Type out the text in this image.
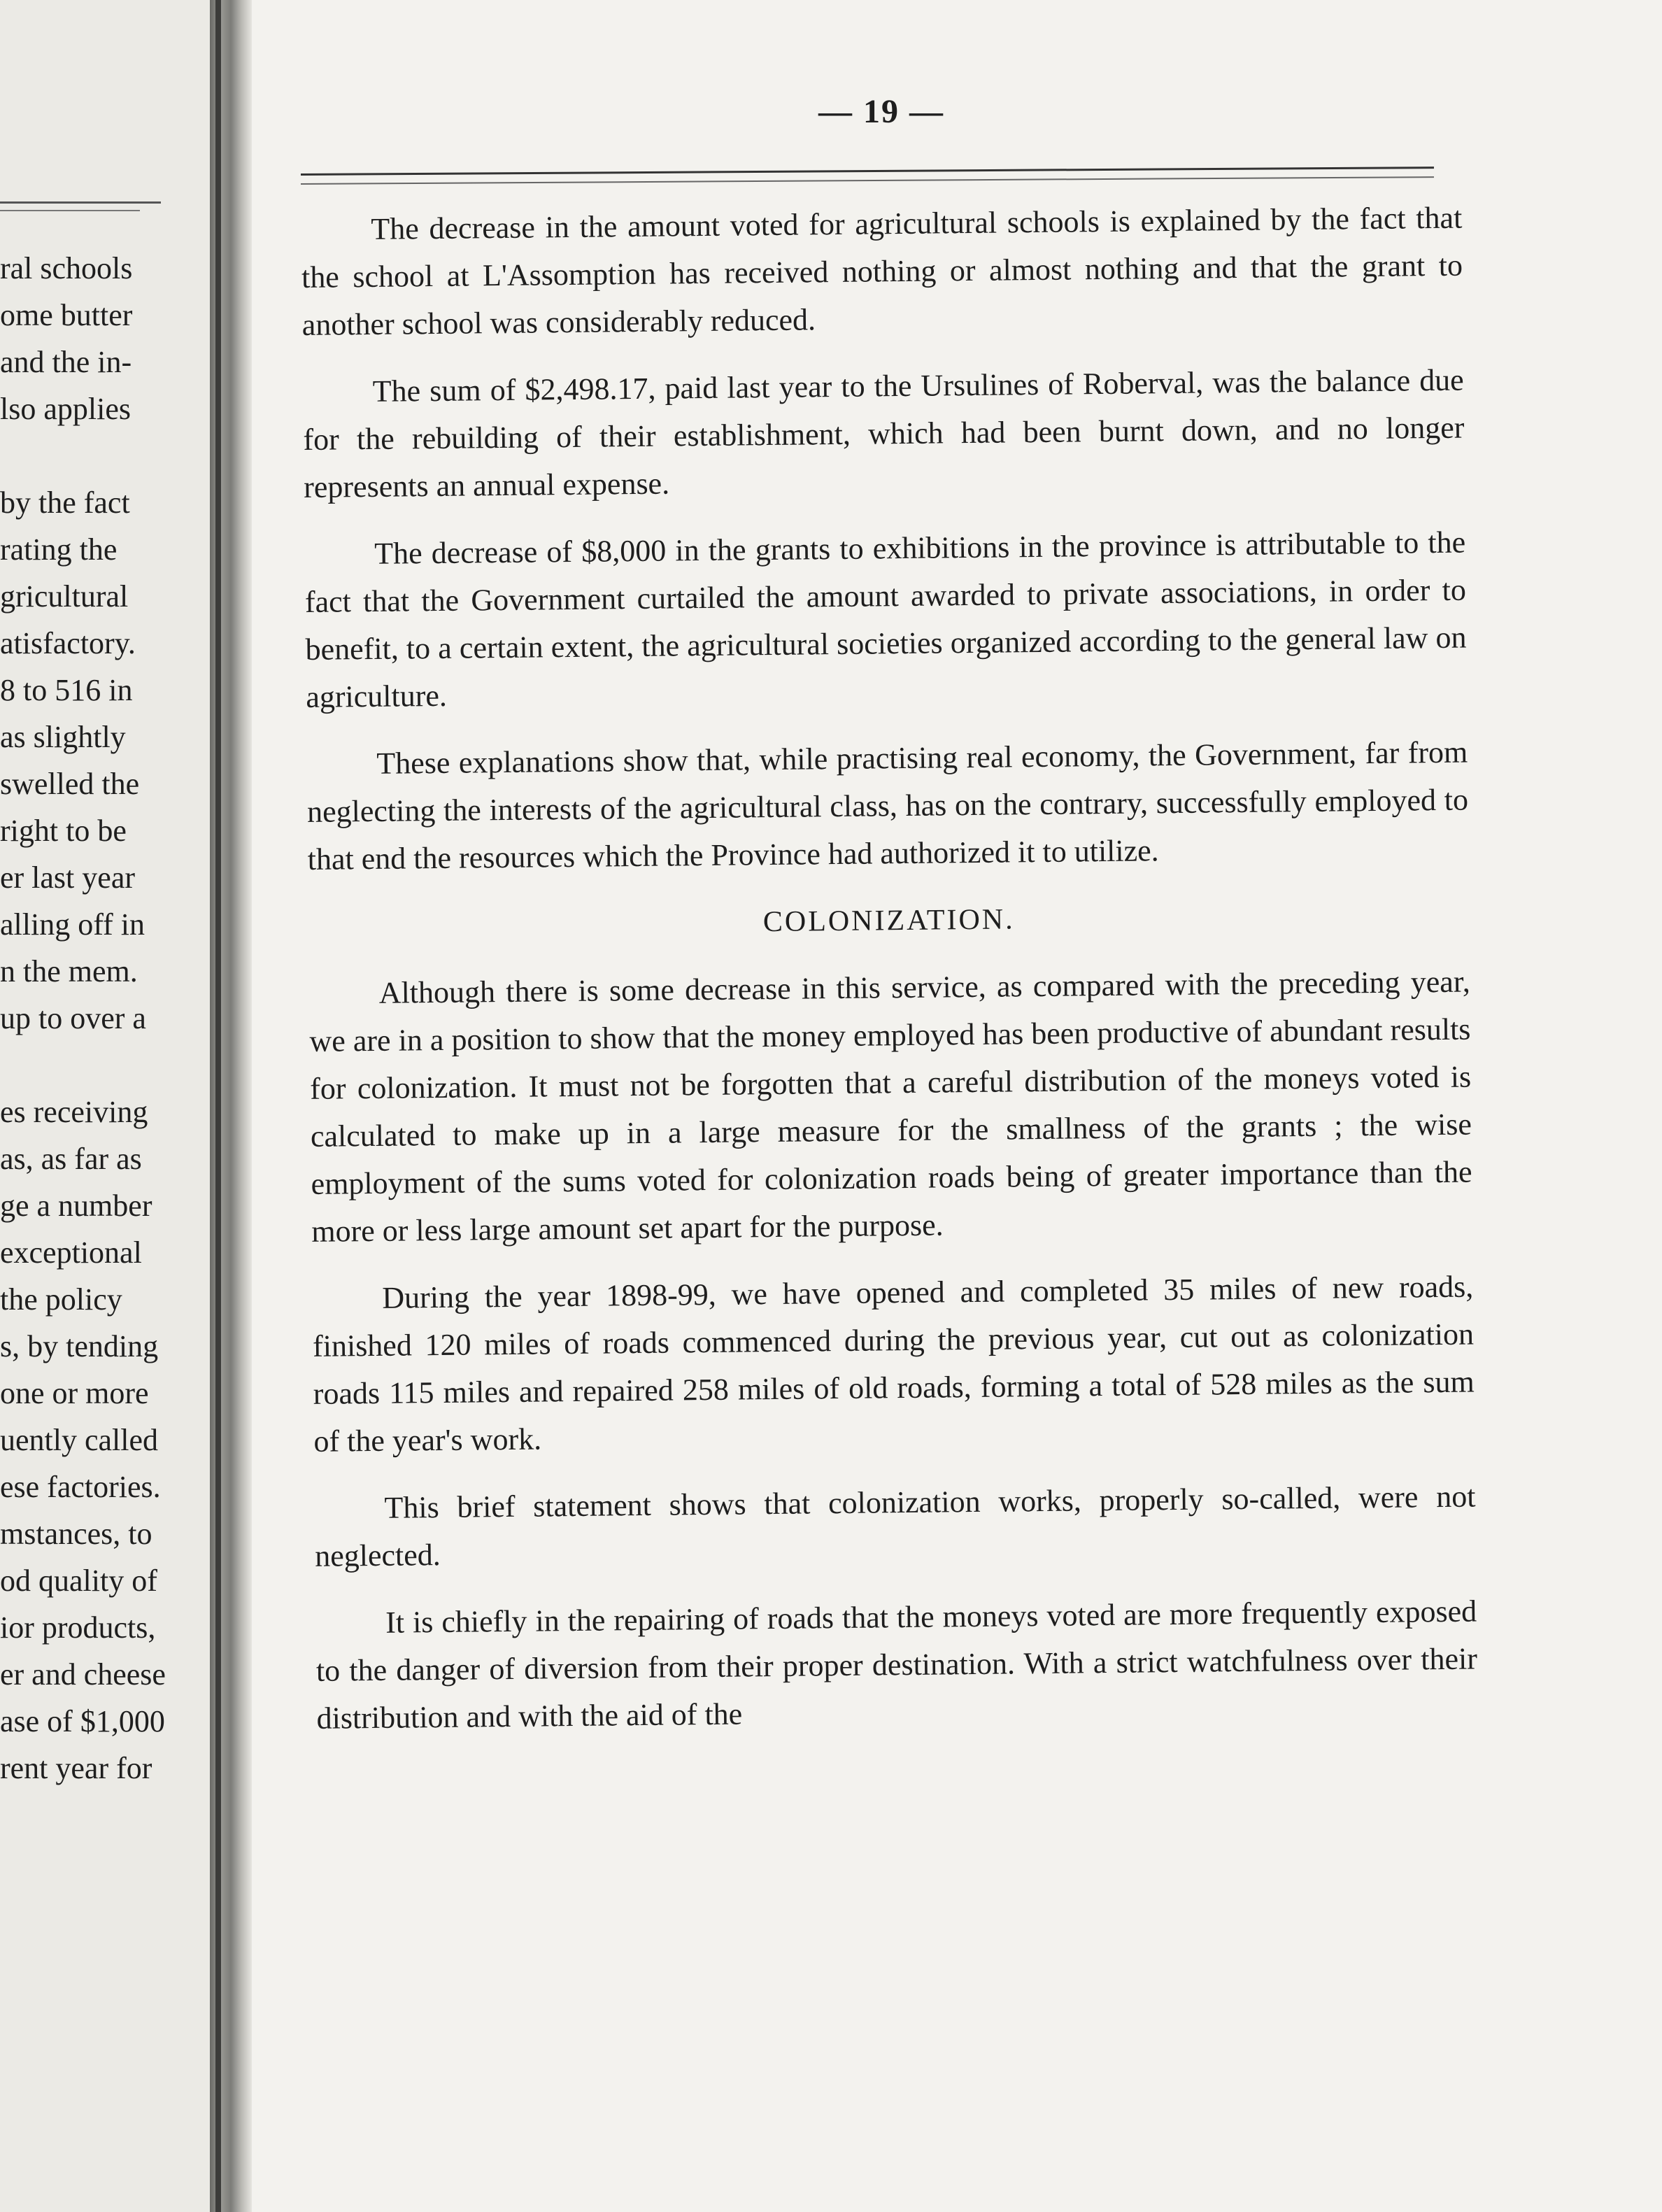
ral schools
ome butter
and the in-
lso applies
by the fact
rating the
gricultural
atisfactory.
8 to 516 in
as slightly
swelled the
right to be
er last year
alling off in
n the mem.
up to over a
es receiving
as, as far as
ge a number
exceptional
the policy
s, by tending
one or more
uently called
ese factories.
mstances, to
od quality of
ior products,
er and cheese
ase of $1,000
rent year for
— 19 —

The decrease in the amount voted for agricultural schools is explained by the fact that the school at L'Assomption has received nothing or almost nothing and that the grant to another school was considerably reduced.

The sum of $2,498.17, paid last year to the Ursulines of Roberval, was the balance due for the rebuilding of their establishment, which had been burnt down, and no longer represents an annual expense.

The decrease of $8,000 in the grants to exhibitions in the province is attributable to the fact that the Government curtailed the amount awarded to private associations, in order to benefit, to a certain extent, the agricultural societies organized according to the general law on agriculture.

These explanations show that, while practising real economy, the Government, far from neglecting the interests of the agricultural class, has on the contrary, successfully employed to that end the resources which the Province had authorized it to utilize.

COLONIZATION.

Although there is some decrease in this service, as compared with the preceding year, we are in a position to show that the money employed has been productive of abundant results for colonization. It must not be forgotten that a careful distribution of the moneys voted is calculated to make up in a large measure for the smallness of the grants ; the wise employment of the sums voted for colonization roads being of greater importance than the more or less large amount set apart for the purpose.

During the year 1898-99, we have opened and completed 35 miles of new roads, finished 120 miles of roads commenced during the previous year, cut out as colonization roads 115 miles and repaired 258 miles of old roads, forming a total of 528 miles as the sum of the year's work.

This brief statement shows that colonization works, properly so-called, were not neglected.

It is chiefly in the repairing of roads that the moneys voted are more frequently exposed to the danger of diversion from their proper destination. With a strict watchfulness over their distribution and with the aid of the
